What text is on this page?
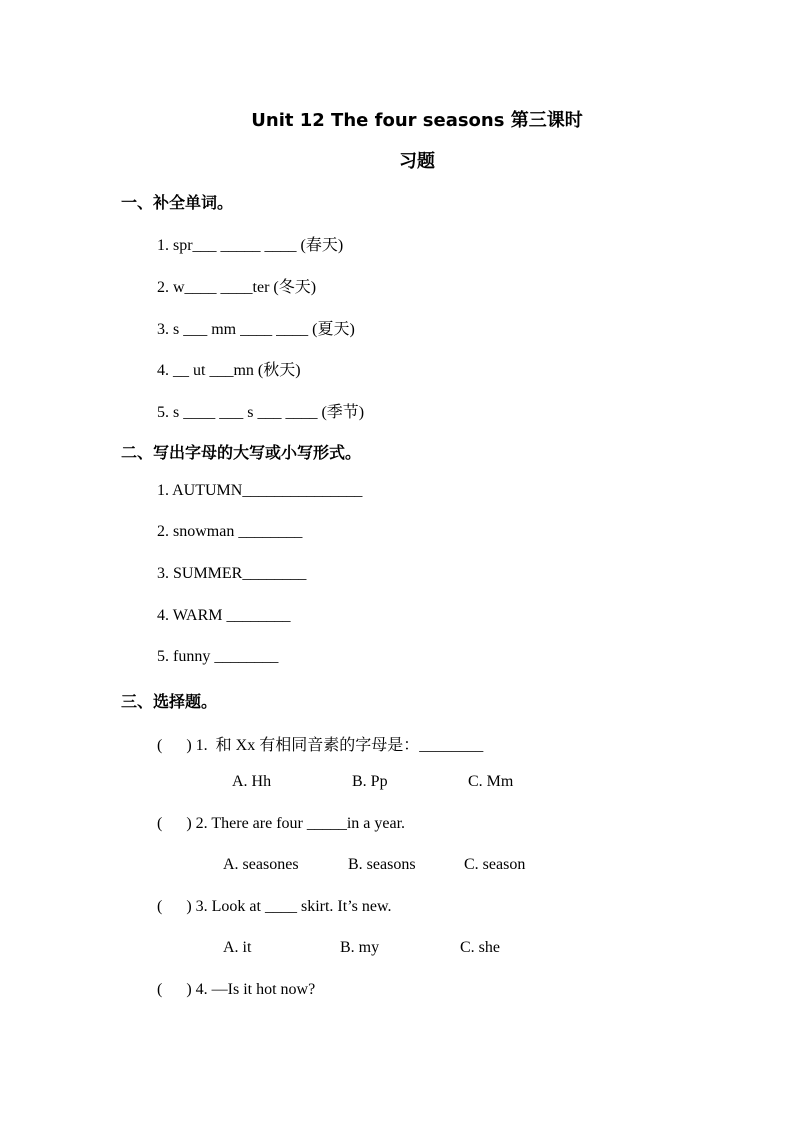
Unit 12 The four seasons 第三课时
习题
一、补全单词。
1. spr___ _____ ____ (春天)
2. w____ ____ter (冬天)
3. s ___ mm ____ ____ (夏天)
4. __ ut ___mn (秋天)
5. s ____ ___ s ___ ____ (季节)
二、写出字母的大写或小写形式。
1. AUTUMN_______________
2. snowman ________
3. SUMMER________
4. WARM ________
5. funny ________
三、选择题。
(      ) 1.  和 Xx 有相同音素的字母是：________
A. Hh	B. Pp	C. Mm
(      ) 2. There are four _____in a year.
A. seasones	B. seasons	C. season
(      ) 3. Look at ____ skirt. It’s new.
A. it	B. my	C. she
(      ) 4. —Is it hot now?
